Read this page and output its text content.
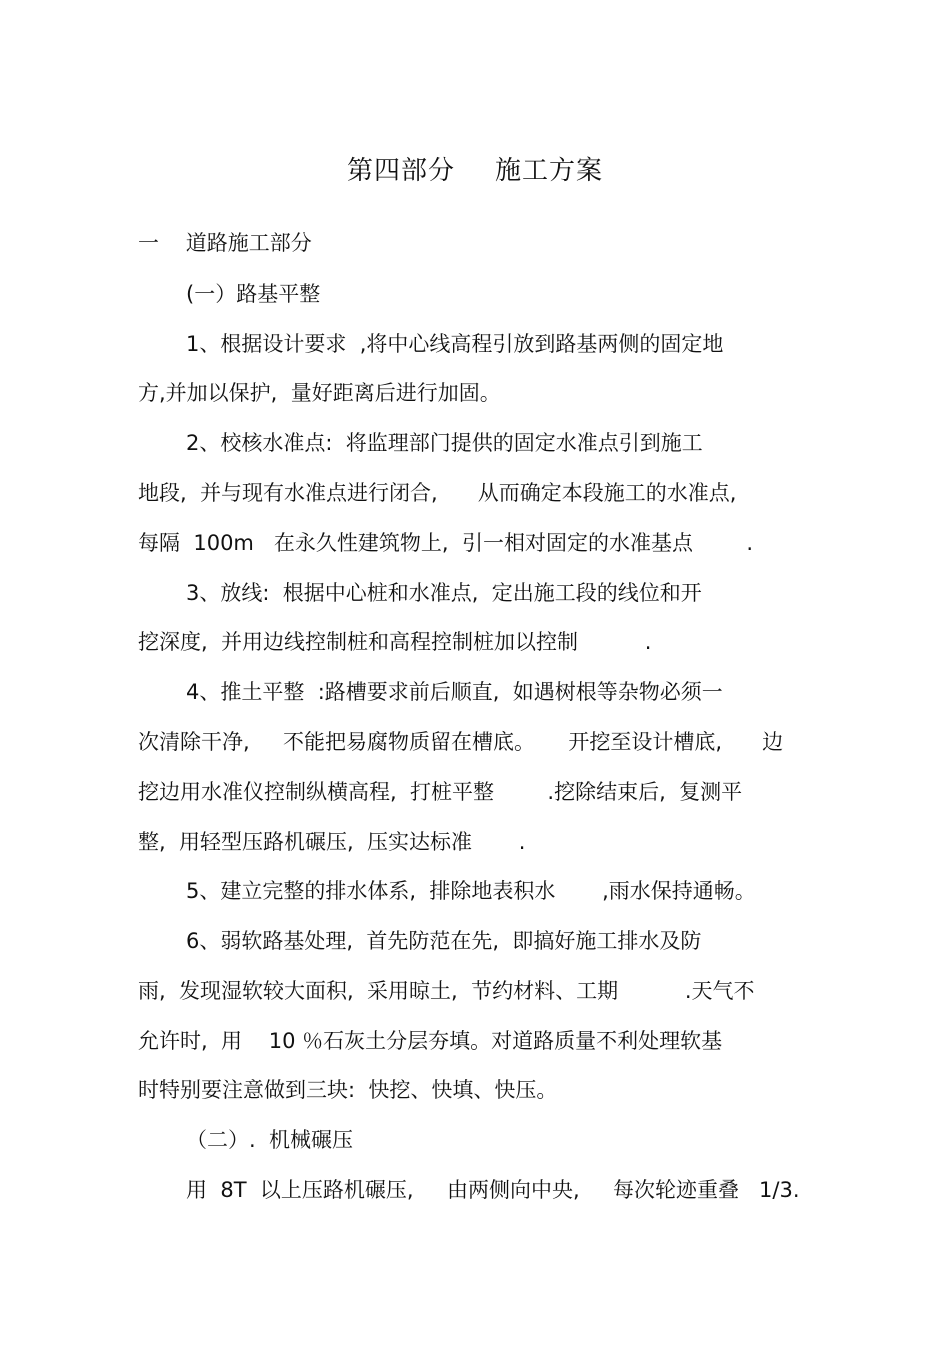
第四部分 施工方案
一    道路施工部分
(一）路基平整
1、根据设计要求  ,将中心线高程引放到路基两侧的固定地
方,并加以保护,  量好距离后进行加固。
2、校核水准点:  将监理部门提供的固定水准点引到施工
地段,  并与现有水准点进行闭合,      从而确定本段施工的水准点,
每隔  100m   在永久性建筑物上,  引一相对固定的水准基点        .
3、放线:  根据中心桩和水准点,  定出施工段的线位和开
挖深度,  并用边线控制桩和高程控制桩加以控制          .
4、推土平整  :路槽要求前后顺直,  如遇树根等杂物必须一
次清除干净,     不能把易腐物质留在槽底。     开挖至设计槽底,      边
挖边用水准仪控制纵横高程,  打桩平整        .挖除结束后,  复测平
整,  用轻型压路机碾压,  压实达标准       .
5、建立完整的排水体系,  排除地表积水       ,雨水保持通畅。
6、弱软路基处理,  首先防范在先,  即搞好施工排水及防
雨,  发现湿软较大面积,  采用晾土,  节约材料、工期          .天气不
允许时,  用    10 ％石灰土分层夯填。对道路质量不利处理软基
时特别要注意做到三块:  快挖、快填、快压。
（二）.  机械碾压
用  8T  以上压路机碾压,     由两侧向中央,     每次轮迹重叠   1/3.
